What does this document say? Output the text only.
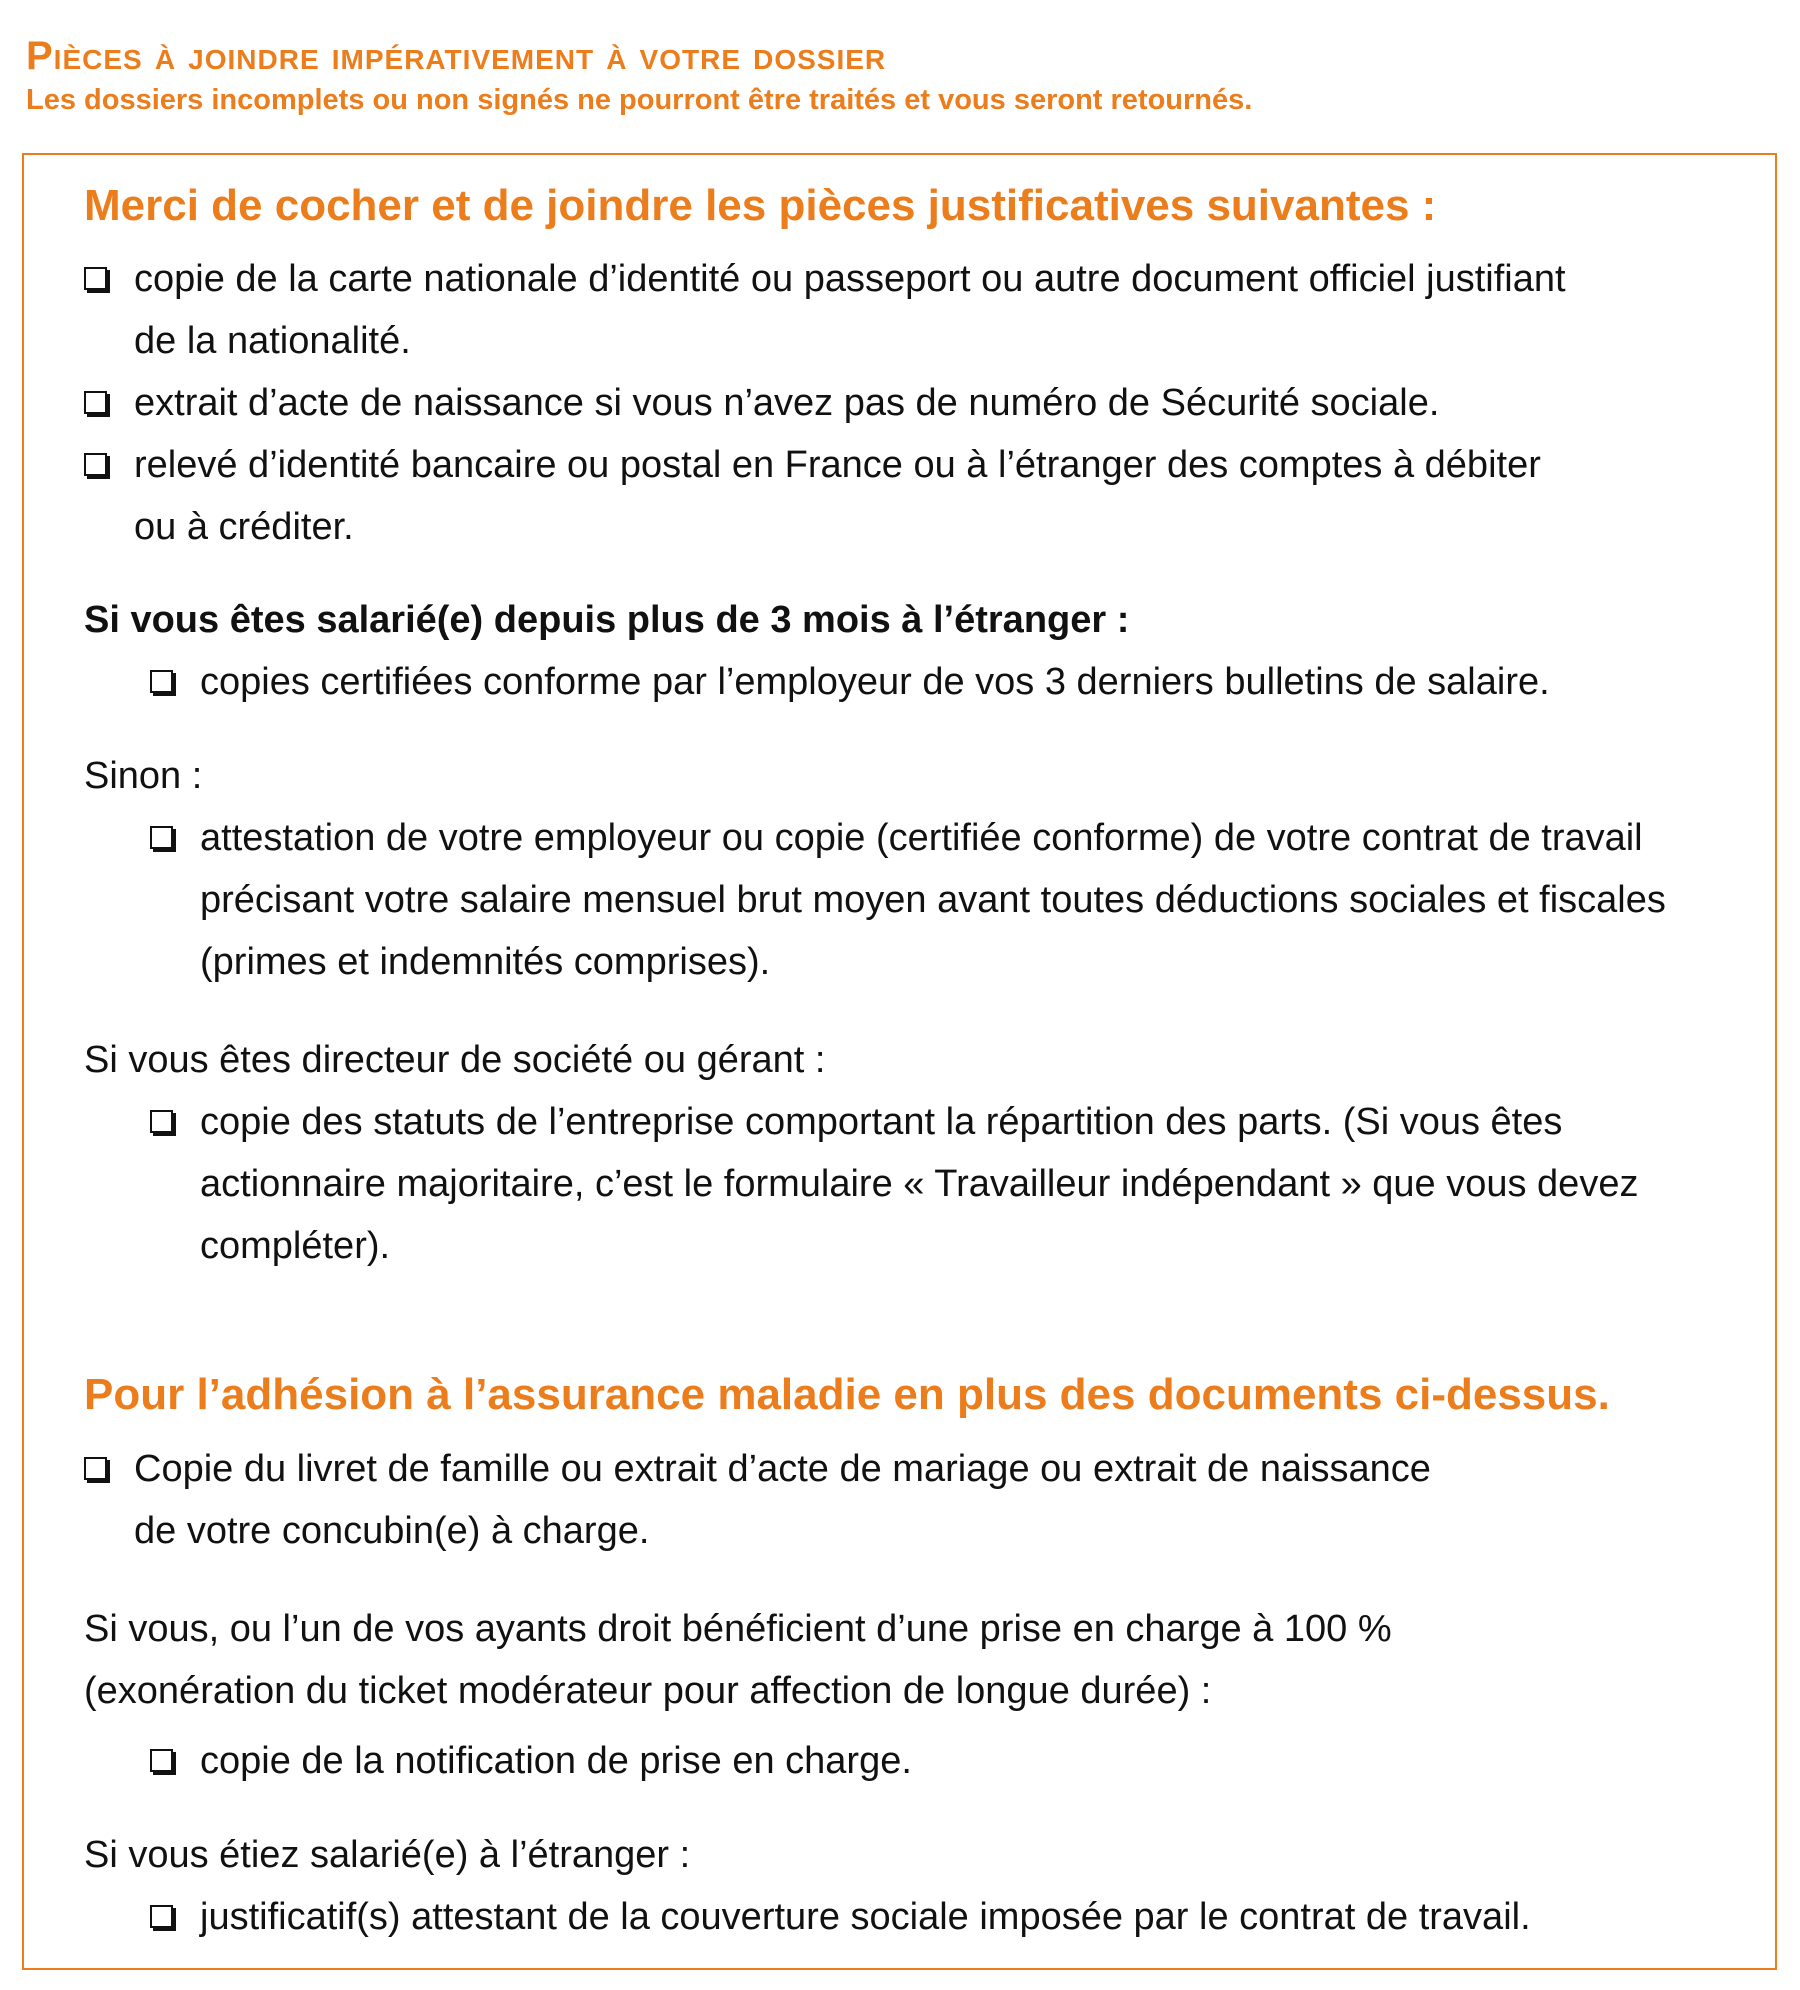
Pièces à joindre impérativement à votre dossier
Les dossiers incomplets ou non signés ne pourront être traités et vous seront retournés.
Merci de cocher et de joindre les pièces justificatives suivantes :
copie de la carte nationale d’identité ou passeport ou autre document officiel justifiant
de la nationalité.
extrait d’acte de naissance si vous n’avez pas de numéro de Sécurité sociale.
relevé d’identité bancaire ou postal en France ou à l’étranger des comptes à débiter
ou à créditer.
Si vous êtes salarié(e) depuis plus de 3 mois à l’étranger :
copies certifiées conforme par l’employeur de vos 3 derniers bulletins de salaire.
Sinon :
attestation de votre employeur ou copie (certifiée conforme) de votre contrat de travail
précisant votre salaire mensuel brut moyen avant toutes déductions sociales et fiscales
(primes et indemnités comprises).
Si vous êtes directeur de société ou gérant :
copie des statuts de l’entreprise comportant la répartition des parts. (Si vous êtes
actionnaire majoritaire, c’est le formulaire « Travailleur indépendant » que vous devez
compléter).
Pour l’adhésion à l’assurance maladie en plus des documents ci-dessus.
Copie du livret de famille ou extrait d’acte de mariage ou extrait de naissance
de votre concubin(e) à charge.
Si vous, ou l’un de vos ayants droit bénéficient d’une prise en charge à 100 %
(exonération du ticket modérateur pour affection de longue durée) :
copie de la notification de prise en charge.
Si vous étiez salarié(e) à l’étranger :
justificatif(s) attestant de la couverture sociale imposée par le contrat de travail.
